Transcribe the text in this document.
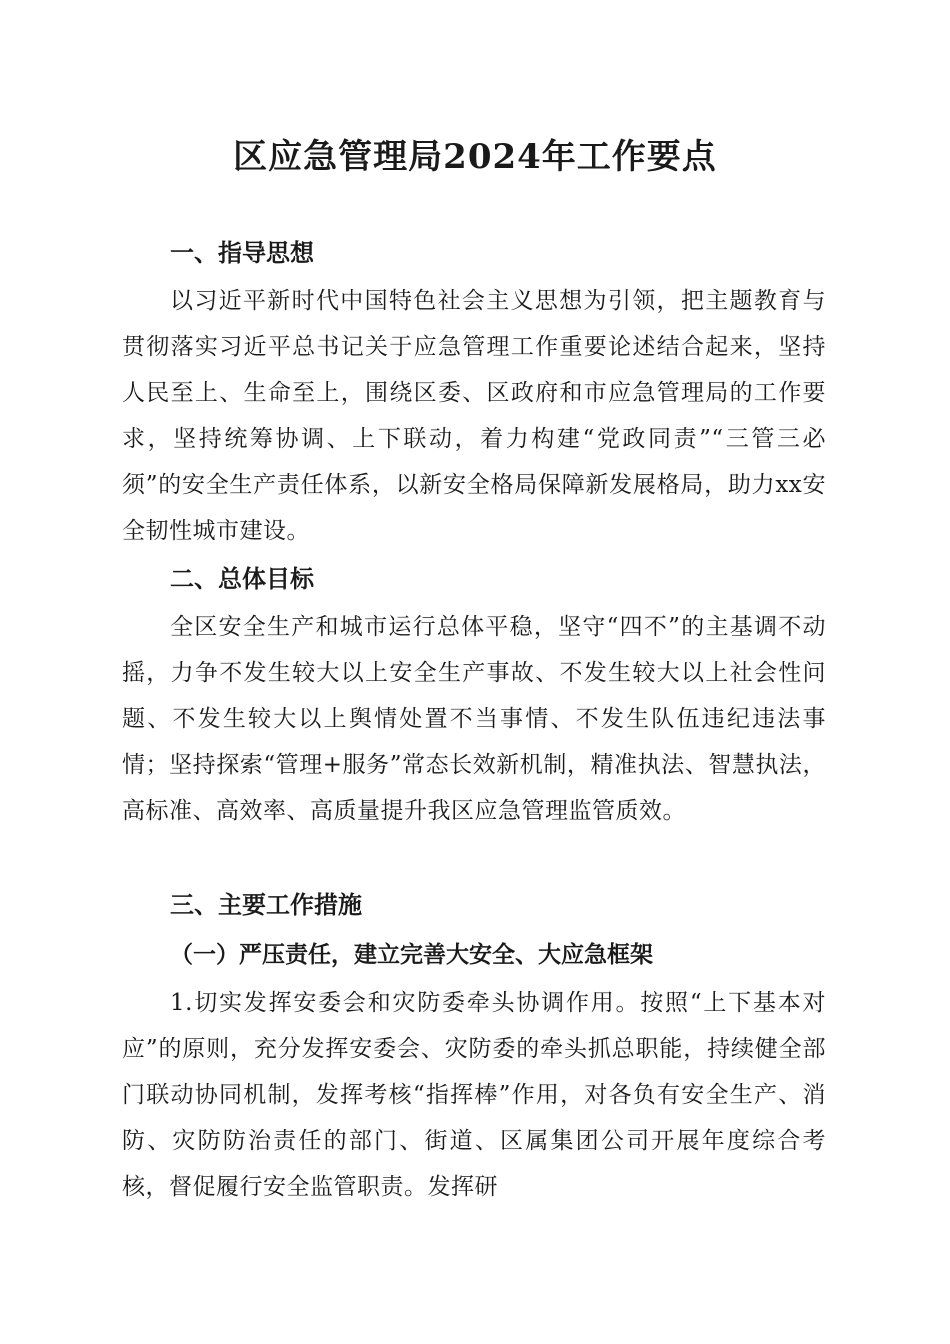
区应急管理局2024年工作要点
一、指导思想

以习近平新时代中国特色社会主义思想为引领，把主题教育与贯彻落实习近平总书记关于应急管理工作重要论述结合起来，坚持人民至上、生命至上，围绕区委、区政府和市应急管理局的工作要求，坚持统筹协调、上下联动，着力构建“党政同责”“三管三必须”的安全生产责任体系，以新安全格局保障新发展格局，助力xx安全韧性城市建设。

二、总体目标

全区安全生产和城市运行总体平稳，坚守“四不”的主基调不动摇，力争不发生较大以上安全生产事故、不发生较大以上社会性问题、不发生较大以上舆情处置不当事情、不发生队伍违纪违法事情；坚持探索“管理+服务”常态长效新机制，精准执法、智慧执法，高标准、高效率、高质量提升我区应急管理监管质效。

三、主要工作措施
（一）严压责任，建立完善大安全、大应急框架

1.切实发挥安委会和灾防委牵头协调作用。按照“上下基本对应”的原则，充分发挥安委会、灾防委的牵头抓总职能，持续健全部门联动协同机制，发挥考核“指挥棒”作用，对各负有安全生产、消防、灾防防治责任的部门、街道、区属集团公司开展年度综合考核，督促履行安全监管职责。发挥研
